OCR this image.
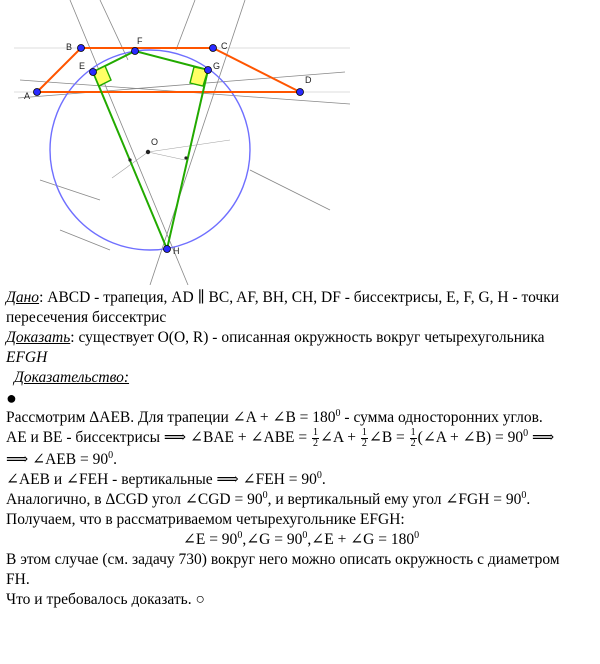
A
B	C
D
E
F
G
H
O
Дано: ABCD - трапеция, AD ∥ BC, AF, BH, CH, DF - биссектрисы, E, F, G, H - точки
пересечения биссектрис
Доказать: существует O(O, R) - описанная окружность вокруг четырехугольника
EFGH
Доказательство:
●
Рассмотрим ΔAEB. Для трапеции ∠A + ∠B = $180^0$ - сумма односторонних углов.
AE и BE - биссектрисы ⟹ ∠BAE + ∠ABE = $\frac{1}{2}$ ∠A + $\frac{1}{2}$ ∠B = $\frac{1}{2}$ (∠A + ∠B) = $90^0$ ⟹
⟹ ∠AEB = $90^0$.
∠AEB и ∠FEH - вертикальные ⟹ ∠FEH = $90^0$.
Аналогично, в ΔCGD угол ∠CGD = $90^0$, и вертикальный ему угол ∠FGH = $90^0$.
Получаем, что в рассматриваемом четырехугольнике EFGH:
∠E = $90^0,\angle G$ = $90^0,\angle E$ + ∠G = $180^0$
В этом случае (см. задачу 730) вокруг него можно описать окружность с диаметром
FH.
Что и требовалось доказать. ○
